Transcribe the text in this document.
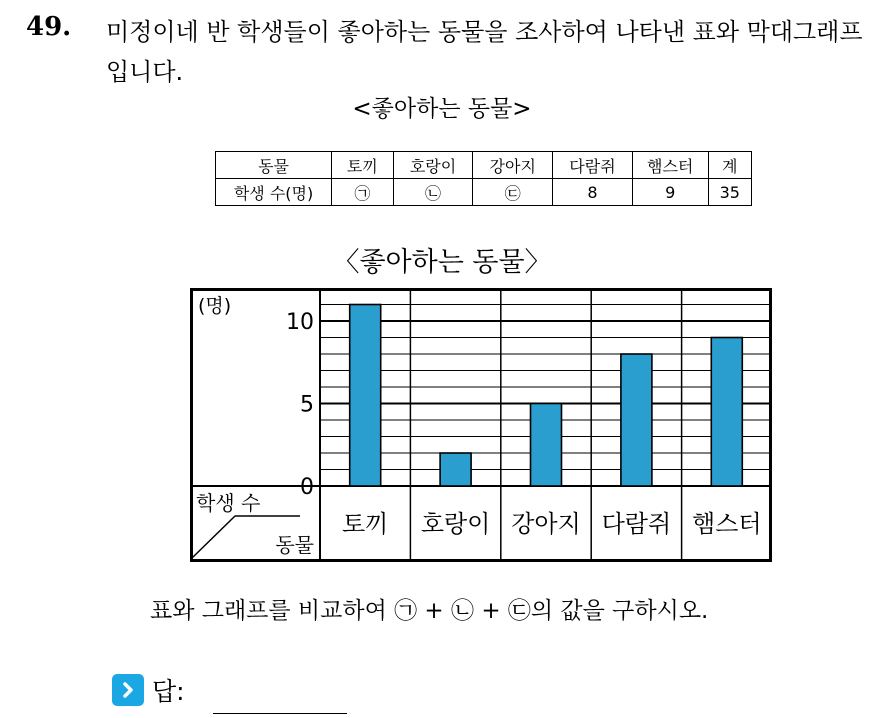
49. 미정이네 반 학생들이 좋아하는 동물을 조사하여 나타낸 표와 막대그래프입니다.
<좋아하는 동물>
동물	토끼	호랑이	강아지	다람쥐	햄스터	계
학생 수(명)	㉠	㉡	㉢	8	9	35
〈좋아하는 동물〉
(명)
0
5
10
토끼 호랑이 강아지 다람쥐 햄스터
학생 수
동물
표와 그래프를 비교하여 ㉠ + ㉡ + ㉢의 값을 구하시오.
답:
